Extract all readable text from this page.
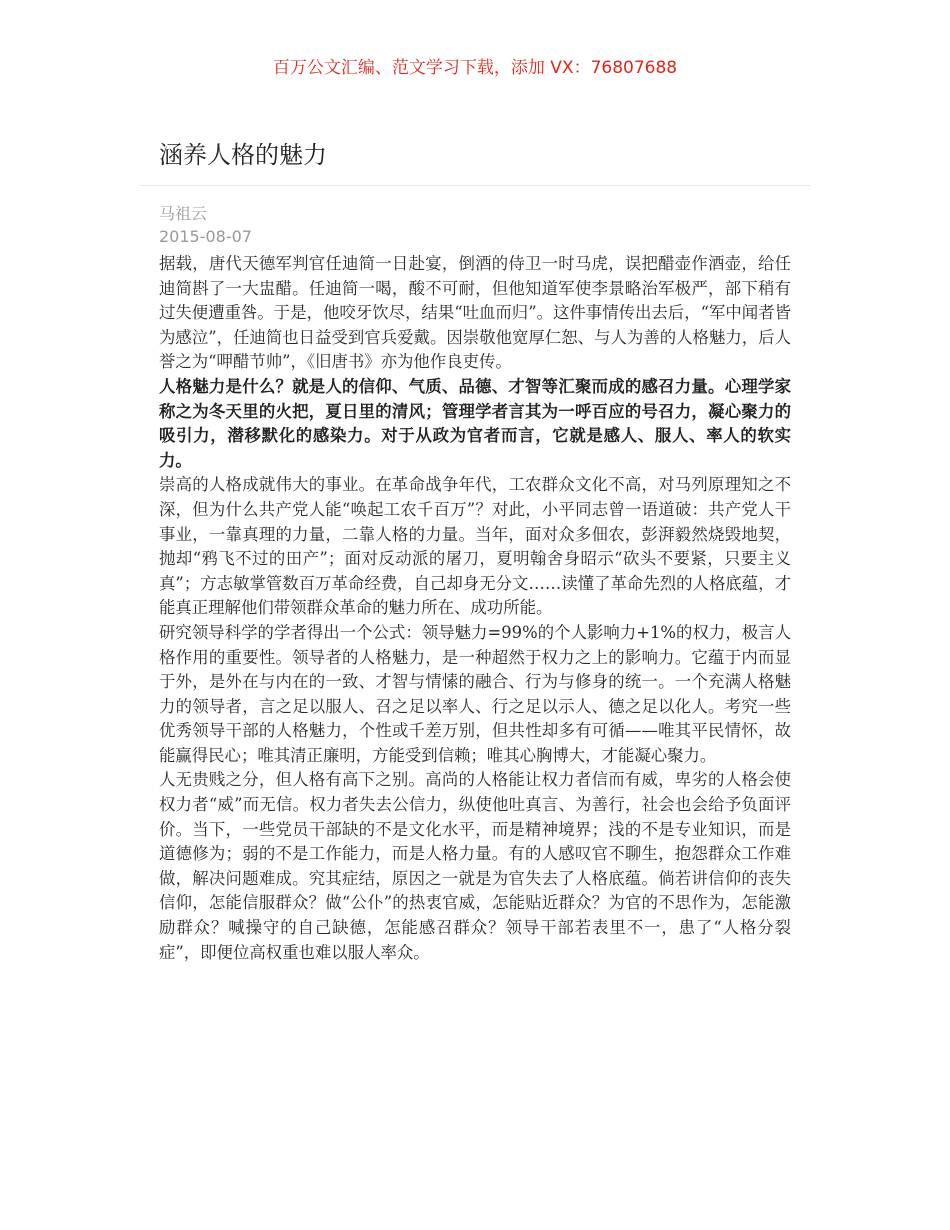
百万公文汇编、范文学习下载，添加 VX：76807688
涵养人格的魅力
马祖云
2015-08-07

据载，唐代天德军判官任迪简一日赴宴，倒酒的侍卫一时马虎，误把醋壶作酒壶，给任迪简斟了一大盅醋。任迪简一喝，酸不可耐，但他知道军使李景略治军极严，部下稍有过失便遭重咎。于是，他咬牙饮尽，结果“吐血而归”。这件事情传出去后，“军中闻者皆为感泣”，任迪简也日益受到官兵爱戴。因崇敬他宽厚仁恕、与人为善的人格魅力，后人誉之为“呷醋节帅”，《旧唐书》亦为他作良吏传。

人格魅力是什么？就是人的信仰、气质、品德、才智等汇聚而成的感召力量。心理学家称之为冬天里的火把，夏日里的清风；管理学者言其为一呼百应的号召力，凝心聚力的吸引力，潜移默化的感染力。对于从政为官者而言，它就是感人、服人、率人的软实力。

崇高的人格成就伟大的事业。在革命战争年代，工农群众文化不高，对马列原理知之不深，但为什么共产党人能“唤起工农千百万”？对此，小平同志曾一语道破：共产党人干事业，一靠真理的力量，二靠人格的力量。当年，面对众多佃农，彭湃毅然烧毁地契，抛却“鸦飞不过的田产”；面对反动派的屠刀，夏明翰舍身昭示“砍头不要紧，只要主义真”；方志敏掌管数百万革命经费，自己却身无分文……读懂了革命先烈的人格底蕴，才能真正理解他们带领群众革命的魅力所在、成功所能。

研究领导科学的学者得出一个公式：领导魅力=99%的个人影响力+1%的权力，极言人格作用的重要性。领导者的人格魅力，是一种超然于权力之上的影响力。它蕴于内而显于外，是外在与内在的一致、才智与情愫的融合、行为与修身的统一。一个充满人格魅力的领导者，言之足以服人、召之足以率人、行之足以示人、德之足以化人。考究一些优秀领导干部的人格魅力，个性或千差万别，但共性却多有可循——唯其平民情怀，故能赢得民心；唯其清正廉明，方能受到信赖；唯其心胸博大，才能凝心聚力。

人无贵贱之分，但人格有高下之别。高尚的人格能让权力者信而有威，卑劣的人格会使权力者“威”而无信。权力者失去公信力，纵使他吐真言、为善行，社会也会给予负面评价。当下，一些党员干部缺的不是文化水平，而是精神境界；浅的不是专业知识，而是道德修为；弱的不是工作能力，而是人格力量。有的人感叹官不聊生，抱怨群众工作难做，解决问题难成。究其症结，原因之一就是为官失去了人格底蕴。倘若讲信仰的丧失信仰，怎能信服群众？做“公仆”的热衷官威，怎能贴近群众？为官的不思作为，怎能激励群众？喊操守的自己缺德，怎能感召群众？领导干部若表里不一，患了“人格分裂症”，即便位高权重也难以服人率众。
